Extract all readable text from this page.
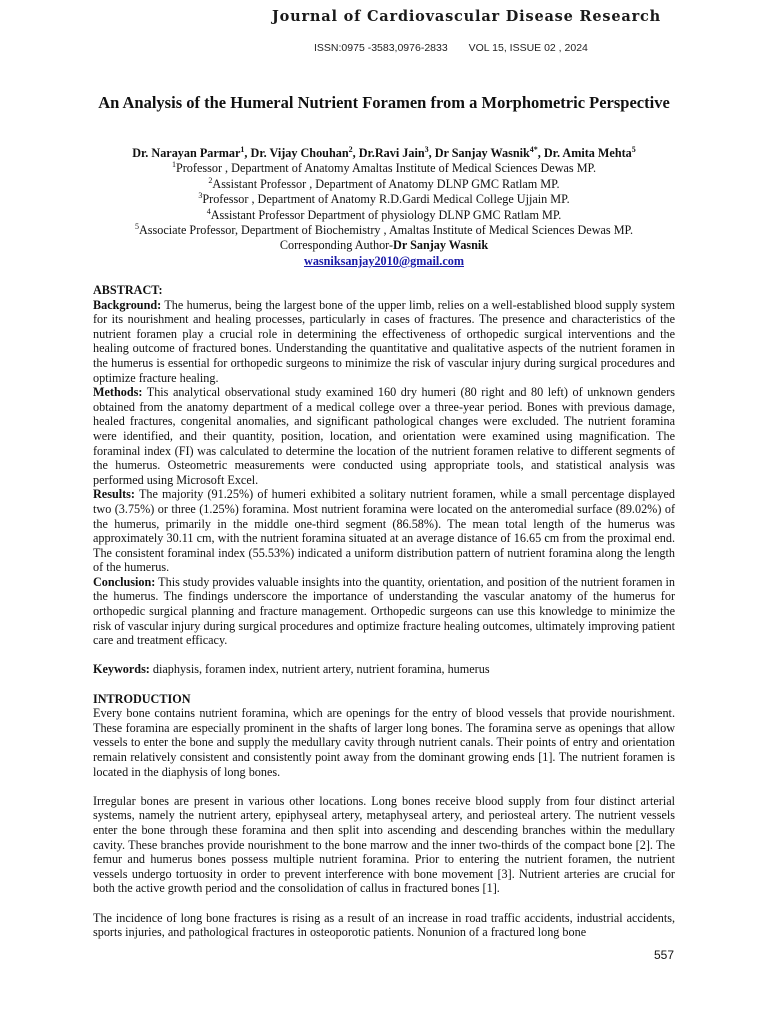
Journal of Cardiovascular Disease Research
ISSN:0975 -3583,0976-2833 VOL 15, ISSUE 02 , 2024
An Analysis of the Humeral Nutrient Foramen from a Morphometric Perspective
Dr. Narayan Parmar$^1$, Dr. Vijay Chouhan$^2$, Dr.Ravi Jain$^3$, Dr Sanjay Wasnik$^{4*}$, Dr. Amita Mehta$^5$
$^1$Professor , Department of Anatomy Amaltas Institute of Medical Sciences Dewas MP.
$^2$Assistant Professor , Department of Anatomy DLNP GMC Ratlam MP.
$^3$Professor , Department of Anatomy R.D.Gardi Medical College Ujjain MP.
$^4$Assistant Professor Department of physiology DLNP GMC Ratlam MP.
$^5$Associate Professor, Department of Biochemistry , Amaltas Institute of Medical Sciences Dewas MP.
Corresponding Author-Dr Sanjay Wasnik
wasniksanjay2010@gmail.com

ABSTRACT:

Background: The humerus, being the largest bone of the upper limb, relies on a well-established blood supply system for its nourishment and healing processes, particularly in cases of fractures. The presence and characteristics of the nutrient foramen play a crucial role in determining the effectiveness of orthopedic surgical interventions and the healing outcome of fractured bones. Understanding the quantitative and qualitative aspects of the nutrient foramen in the humerus is essential for orthopedic surgeons to minimize the risk of vascular injury during surgical procedures and optimize fracture healing.

Methods: This analytical observational study examined 160 dry humeri (80 right and 80 left) of unknown genders obtained from the anatomy department of a medical college over a three-year period. Bones with previous damage, healed fractures, congenital anomalies, and significant pathological changes were excluded. The nutrient foramina were identified, and their quantity, position, location, and orientation were examined using magnification. The foraminal index (FI) was calculated to determine the location of the nutrient foramen relative to different segments of the humerus. Osteometric measurements were conducted using appropriate tools, and statistical analysis was performed using Microsoft Excel.

Results: The majority (91.25%) of humeri exhibited a solitary nutrient foramen, while a small percentage displayed two (3.75%) or three (1.25%) foramina. Most nutrient foramina were located on the anteromedial surface (89.02%) of the humerus, primarily in the middle one-third segment (86.58%). The mean total length of the humerus was approximately 30.11 cm, with the nutrient foramina situated at an average distance of 16.65 cm from the proximal end. The consistent foraminal index (55.53%) indicated a uniform distribution pattern of nutrient foramina along the length of the humerus.

Conclusion: This study provides valuable insights into the quantity, orientation, and position of the nutrient foramen in the humerus. The findings underscore the importance of understanding the vascular anatomy of the humerus for orthopedic surgical planning and fracture management. Orthopedic surgeons can use this knowledge to minimize the risk of vascular injury during surgical procedures and optimize fracture healing outcomes, ultimately improving patient care and treatment efficacy.

Keywords: diaphysis, foramen index, nutrient artery, nutrient foramina, humerus

INTRODUCTION

Every bone contains nutrient foramina, which are openings for the entry of blood vessels that provide nourishment. These foramina are especially prominent in the shafts of larger long bones. The foramina serve as openings that allow vessels to enter the bone and supply the medullary cavity through nutrient canals. Their points of entry and orientation remain relatively consistent and consistently point away from the dominant growing ends [1]. The nutrient foramen is located in the diaphysis of long bones.

Irregular bones are present in various other locations. Long bones receive blood supply from four distinct arterial systems, namely the nutrient artery, epiphyseal artery, metaphyseal artery, and periosteal artery. The nutrient vessels enter the bone through these foramina and then split into ascending and descending branches within the medullary cavity. These branches provide nourishment to the bone marrow and the inner two-thirds of the compact bone [2]. The femur and humerus bones possess multiple nutrient foramina. Prior to entering the nutrient foramen, the nutrient vessels undergo tortuosity in order to prevent interference with bone movement [3]. Nutrient arteries are crucial for both the active growth period and the consolidation of callus in fractured bones [1].

The incidence of long bone fractures is rising as a result of an increase in road traffic accidents, industrial accidents, sports injuries, and pathological fractures in osteoporotic patients. Nonunion of a fractured long bone

557
